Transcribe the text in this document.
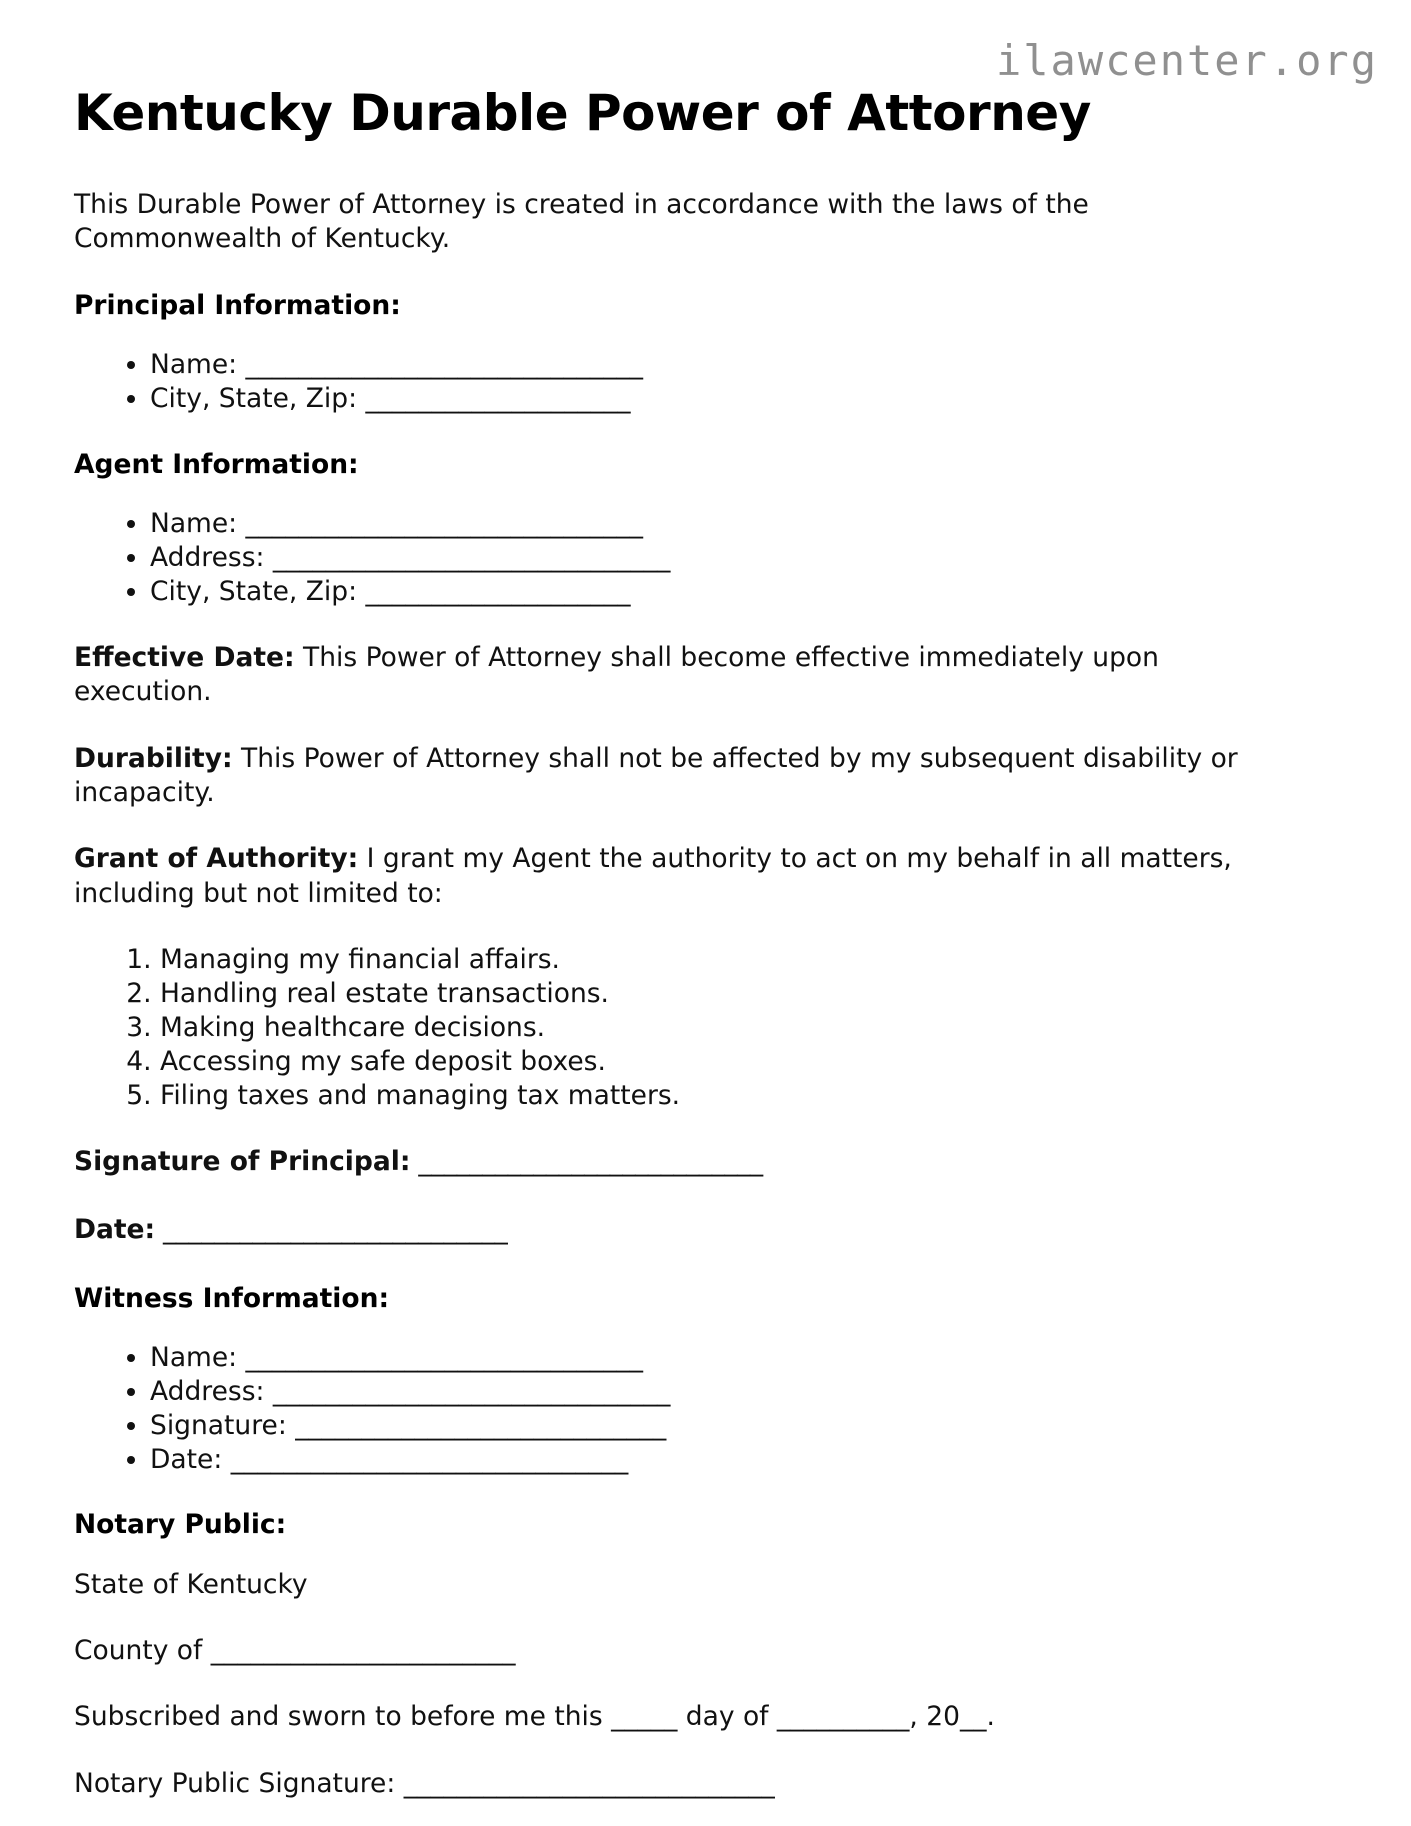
ilawcenter.org
Kentucky Durable Power of Attorney

This Durable Power of Attorney is created in accordance with the laws of the Commonwealth of Kentucky.

Principal Information:
• Name: ______________________________
• City, State, Zip: ____________________
Agent Information:
• Name: ______________________________
• Address: ______________________________
• City, State, Zip: ____________________

Effective Date: This Power of Attorney shall become effective immediately upon execution.

Durability: This Power of Attorney shall not be affected by my subsequent disability or incapacity.

Grant of Authority: I grant my Agent the authority to act on my behalf in all matters, including but not limited to:

1. Managing my financial affairs.
2. Handling real estate transactions.
3. Making healthcare decisions.
4. Accessing my safe deposit boxes.
5. Filing taxes and managing tax matters.

Signature of Principal: ___________________________

Date: ___________________________

Witness Information:
• Name: ______________________________
• Address: ______________________________
• Signature: ____________________________
• Date: ______________________________
Notary Public:

State of Kentucky

County of _______________________

Subscribed and sworn to before me this _____ day of __________, 20__.

Notary Public Signature: ____________________________
